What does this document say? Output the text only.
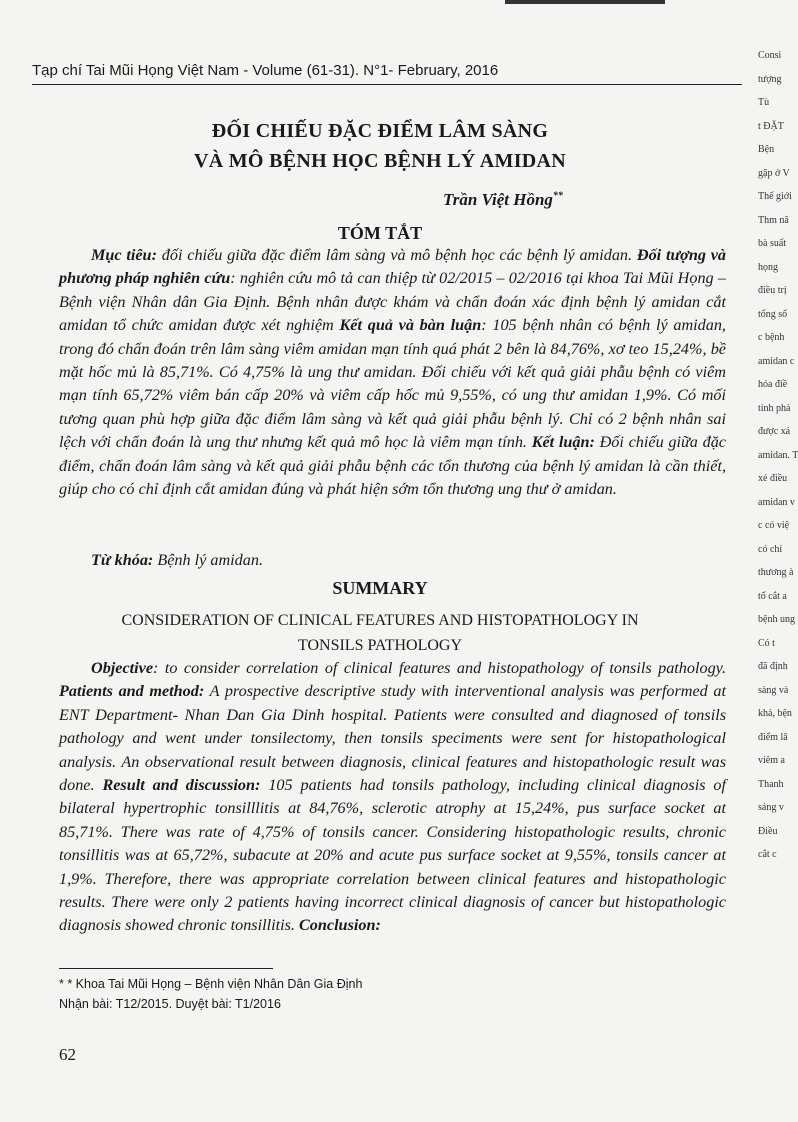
Tạp chí Tai Mũi Họng Việt Nam - Volume (61-31). N°1- February, 2016
ĐỐI CHIẾU ĐẶC ĐIỂM LÂM SÀNG
VÀ MÔ BỆNH HỌC BỆNH LÝ AMIDAN
Trần Việt Hồng**
TÓM TẮT
Mục tiêu: đối chiếu giữa đặc điểm lâm sàng và mô bệnh học các bệnh lý amidan. Đối tượng và phương pháp nghiên cứu: nghiên cứu mô tả can thiệp từ 02/2015 – 02/2016 tại khoa Tai Mũi Họng – Bệnh viện Nhân dân Gia Định. Bệnh nhân được khám và chẩn đoán xác định bệnh lý amidan cắt amidan tổ chức amidan được xét nghiệm Kết quả và bàn luận: 105 bệnh nhân có bệnh lý amidan, trong đó chẩn đoán trên lâm sàng viêm amidan mạn tính quá phát 2 bên là 84,76%, xơ teo 15,24%, bề mặt hốc mủ là 85,71%. Có 4,75% là ung thư amidan. Đối chiếu với kết quả giải phẫu bệnh có viêm mạn tính 65,72% viêm bán cấp 20% và viêm cấp hốc mủ 9,55%, có ung thư amidan 1,9%. Có mối tương quan phù hợp giữa đặc điểm lâm sàng và kết quả giải phẫu bệnh lý. Chỉ có 2 bệnh nhân sai lệch với chẩn đoán là ung thư nhưng kết quả mô học là viêm mạn tính. Kết luận: Đối chiếu giữa đặc điểm, chẩn đoán lâm sàng và kết quả giải phẫu bệnh các tổn thương của bệnh lý amidan là cần thiết, giúp cho có chỉ định cắt amidan đúng và phát hiện sớm tổn thương ung thư ở amidan.
Từ khóa: Bệnh lý amidan.
SUMMARY
CONSIDERATION OF CLINICAL FEATURES AND HISTOPATHOLOGY IN
TONSILS PATHOLOGY
Objective: to consider correlation of clinical features and histopathology of tonsils pathology. Patients and method: A prospective descriptive study with interventional analysis was performed at ENT Department- Nhan Dan Gia Dinh hospital. Patients were consulted and diagnosed of tonsils pathology and went under tonsilectomy, then tonsils speciments were sent for histopathological analysis. An observational result between diagnosis, clinical features and histopathologic result was done. Result and discussion: 105 patients had tonsils pathology, including clinical diagnosis of bilateral hypertrophic tonsilllitis at 84,76%, sclerotic atrophy at 15,24%, pus surface socket at 85,71%. There was rate of 4,75% of tonsils cancer. Considering histopathologic results, chronic tonsillitis was at 65,72%, subacute at 20% and acute pus surface socket at 9,55%, tonsils cancer at 1,9%. Therefore, there was appropriate correlation between clinical features and histopathologic results. There were only 2 patients having incorrect clinical diagnosis of cancer but histopathologic diagnosis showed chronic tonsillitis. Conclusion:
* * Khoa Tai Mũi Họng – Bệnh viện Nhân Dân Gia Định
Nhận bài: T12/2015. Duyệt bài: T1/2016
62
Consi
tượng
Tù
t ĐẶT
Bện
gặp ở V
Thế giới
Thm nă
bà suất
họng
điều trị
tổng số
c bệnh
amidan c
hóa điề
tính phả
được xá
amidan. T
xé điều
amidan v
c có việ
có chỉ
thương à
tổ cắt a
bệnh ung
Có t
đã định
sàng và
khả, bện
điểm lâ
viêm a
Thanh
sáng v
Điều
cắt c
